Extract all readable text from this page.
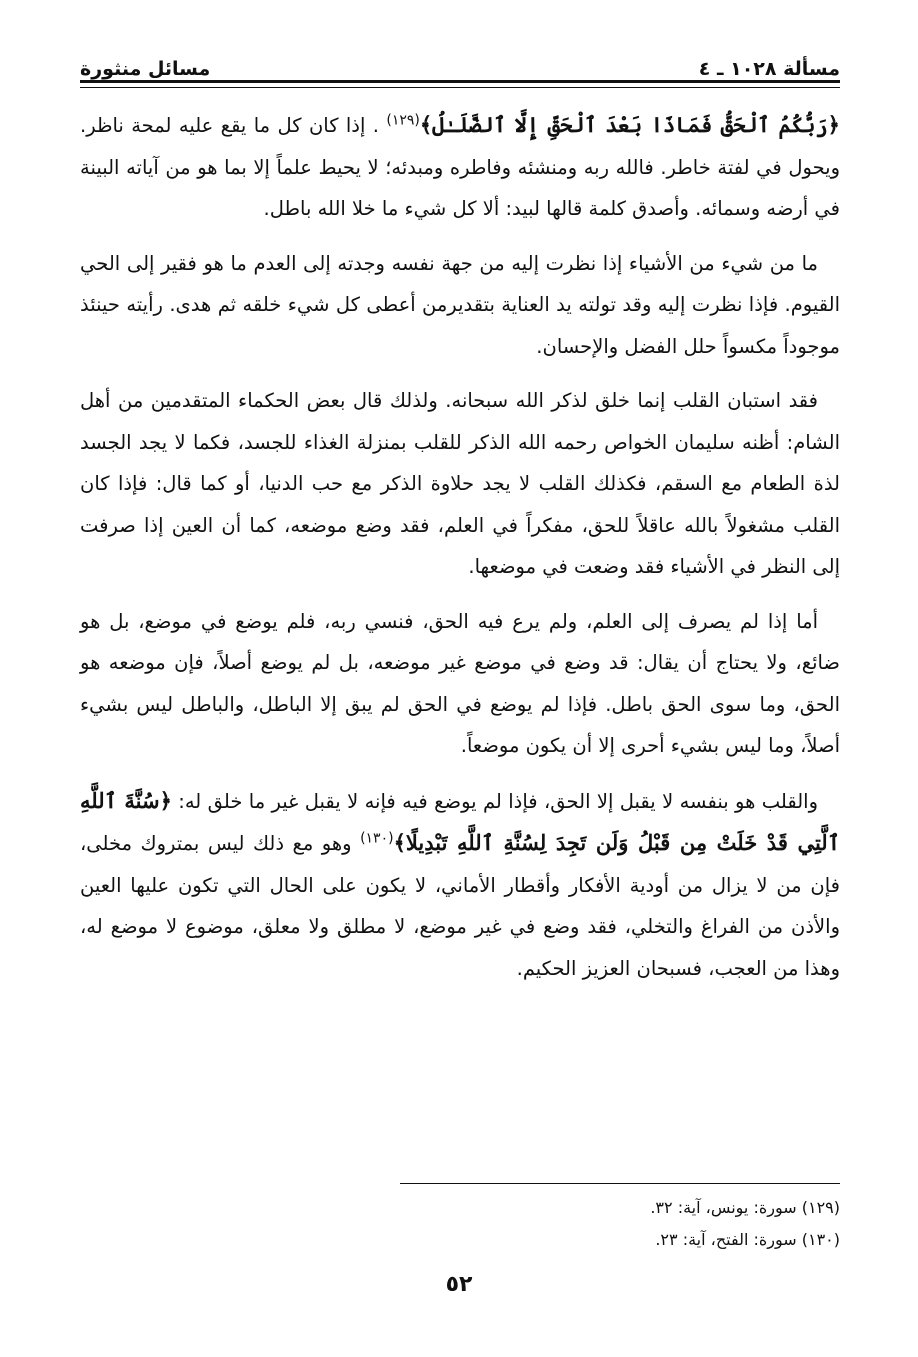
مسألة ١٠٢٨ ـ ٤
مسائل منثورة

﴿رَبُّكُمُ ٱلْحَقُّ فَمَاذَا بَعْدَ ٱلْحَقِّ إِلَّا ٱلضَّلَـٰلُ﴾$^{(١٢٩)}$ . إذا كان كل ما يقع عليه لمحة ناظر. ويحول في لفتة خاطر. فالله ربه ومنشئه وفاطره ومبدئه؛ لا يحيط علماً إلا بما هو من آياته البينة في أرضه وسمائه. وأصدق كلمة قالها لبيد: ألا كل شيء ما خلا الله باطل.

ما من شيء من الأشياء إذا نظرت إليه من جهة نفسه وجدته إلى العدم ما هو فقير إلى الحي القيوم. فإذا نظرت إليه وقد تولته يد العناية بتقديرمن أعطى كل شيء خلقه ثم هدى. رأيته حينئذ موجوداً مكسواً حلل الفضل والإحسان.

فقد استبان القلب إنما خلق لذكر الله سبحانه. ولذلك قال بعض الحكماء المتقدمين من أهل الشام: أظنه سليمان الخواص رحمه الله الذكر للقلب بمنزلة الغذاء للجسد، فكما لا يجد الجسد لذة الطعام مع السقم، فكذلك القلب لا يجد حلاوة الذكر مع حب الدنيا، أو كما قال: فإذا كان القلب مشغولاً بالله عاقلاً للحق، مفكراً في العلم، فقد وضع موضعه، كما أن العين إذا صرفت إلى النظر في الأشياء فقد وضعت في موضعها.

أما إذا لم يصرف إلى العلم، ولم يرع فيه الحق، فنسي ربه، فلم يوضع في موضع، بل هو ضائع، ولا يحتاج أن يقال: قد وضع في موضع غير موضعه، بل لم يوضع أصلاً، فإن موضعه هو الحق، وما سوى الحق باطل. فإذا لم يوضع في الحق لم يبق إلا الباطل، والباطل ليس بشيء أصلاً، وما ليس بشيء أحرى إلا أن يكون موضعاً.

والقلب هو بنفسه لا يقبل إلا الحق، فإذا لم يوضع فيه فإنه لا يقبل غير ما خلق له: ﴿سُنَّةَ ٱللَّهِ ٱلَّتِي قَدْ خَلَتْ مِن قَبْلُ وَلَن تَجِدَ لِسُنَّةِ ٱللَّهِ تَبْدِيلًا﴾$^{(١٣٠)}$ وهو مع ذلك ليس بمتروك مخلى، فإن من لا يزال من أودية الأفكار وأقطار الأماني، لا يكون على الحال التي تكون عليها العين والأذن من الفراغ والتخلي، فقد وضع في غير موضع، لا مطلق ولا معلق، موضوع لا موضع له، وهذا من العجب، فسبحان العزيز الحكيم.

(١٢٩) سورة: يونس، آية: ٣٢.

(١٣٠) سورة: الفتح، آية: ٢٣.

٥٢
